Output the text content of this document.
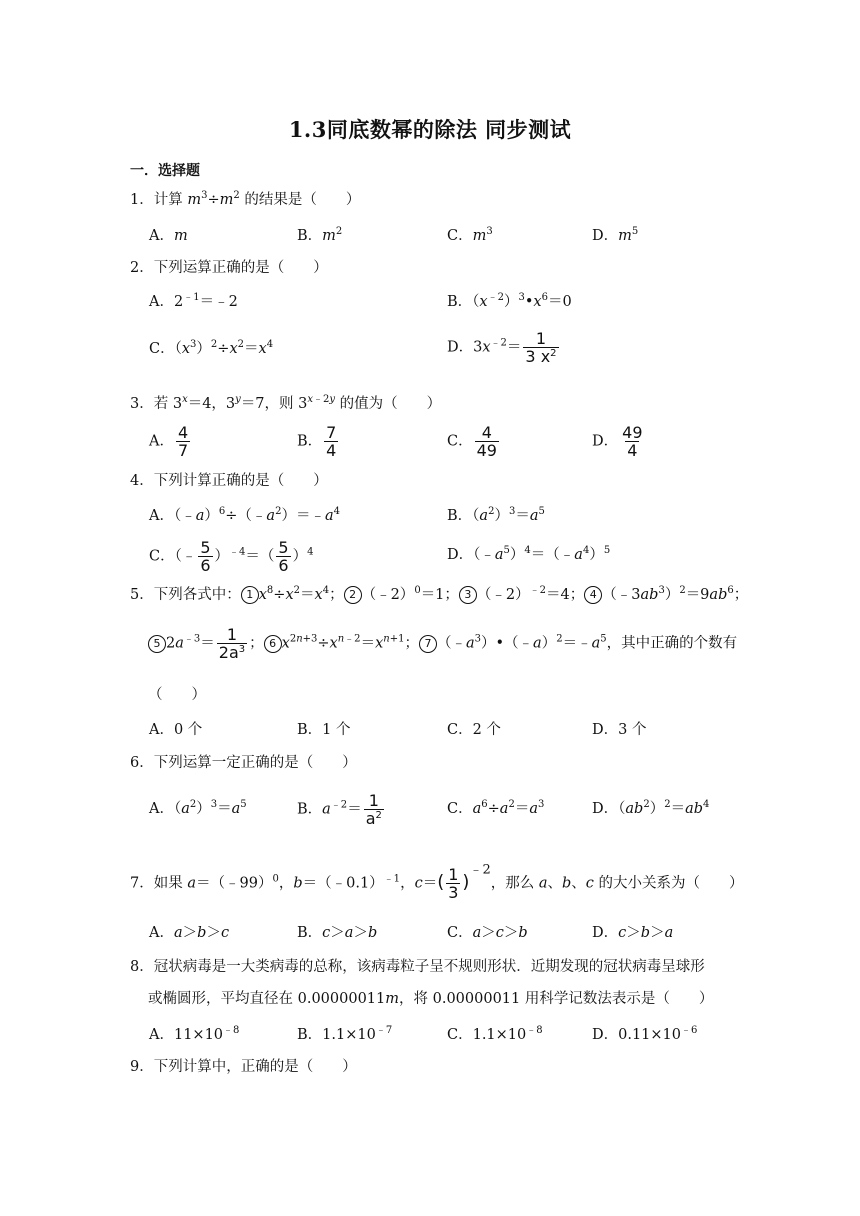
1.3同底数幂的除法 同步测试
一．选择题
1．计算 $m^3\div m^2$ 的结果是（　　）
A．m	B．$m^2$	C．$m^3$	D．$m^5$
2．下列运算正确的是（　　）
A．$2^{﹣1}=﹣2$	B．$(x^{﹣2})^3•x^6=0$
C．$(x^3)^2\div x^2=x^4$	D．$3x^{﹣2}= \frac{1}{3 x^2}$
3．若 $3^x=4$，$3^y=7$，则 $3^{x﹣2y}$ 的值为（　　）
A． $\frac{4}{7}$	B． $\frac{7}{4}$	C． $\frac{4}{49}$	D． $\frac{49}{4}$
4．下列计算正确的是（　　）
A．$(﹣a)^6\div(﹣a^2)=﹣a^4$	B．$(a^2)^3=a^5$
C．（﹣ $\frac{5}{6} )^{﹣4}=( \frac{5}{6} )^4$	D．$(﹣a^5)^4=(﹣a^4)^5$
5．下列各式中： 1 $x^8\div x^2=x^4$； 2 （﹣2）$^0$＝1； 3 （﹣2）$^{﹣2}$＝4； 4 $(﹣3ab^3)^2=9ab^6$；
5 $2a^{﹣3}= \frac{1}{2a^3}$ ； 6 $x^{2n+3}\div x^{n﹣2}=x^{n+1}$； 7 $(﹣a^3)•(﹣a)^2=﹣a^5$，其中正确的个数有
（　　）
A．0 个	B．1 个	C．2 个	D．3 个
6．下列运算一定正确的是（　　）
A．$(a^2)^3=a^5$	B．$a^{﹣2}= \frac{1}{a^2}$	C．$a^6\div a^2=a^3$	D．$(ab^2)^2=ab^4$
7．如果 a＝（﹣99）$^0$，b＝（﹣0.1）$^{﹣1}$，$c=( \frac{1}{3} )^{﹣2}$，那么 a、b、c 的大小关系为（　　）
A．a＞b＞c	B．c＞a＞b	C．a＞c＞b	D．c＞b＞a
8．冠状病毒是一大类病毒的总称，该病毒粒子呈不规则形状．近期发现的冠状病毒呈球形
或椭圆形，平均直径在 0.00000011m，将 0.00000011 用科学记数法表示是（　　）
A．$11\times 10^{﹣8}$	B．$1.1\times 10^{﹣7}$	C．$1.1\times 10^{﹣8}$	D．$0.11\times 10^{﹣6}$
9．下列计算中，正确的是（　　）
